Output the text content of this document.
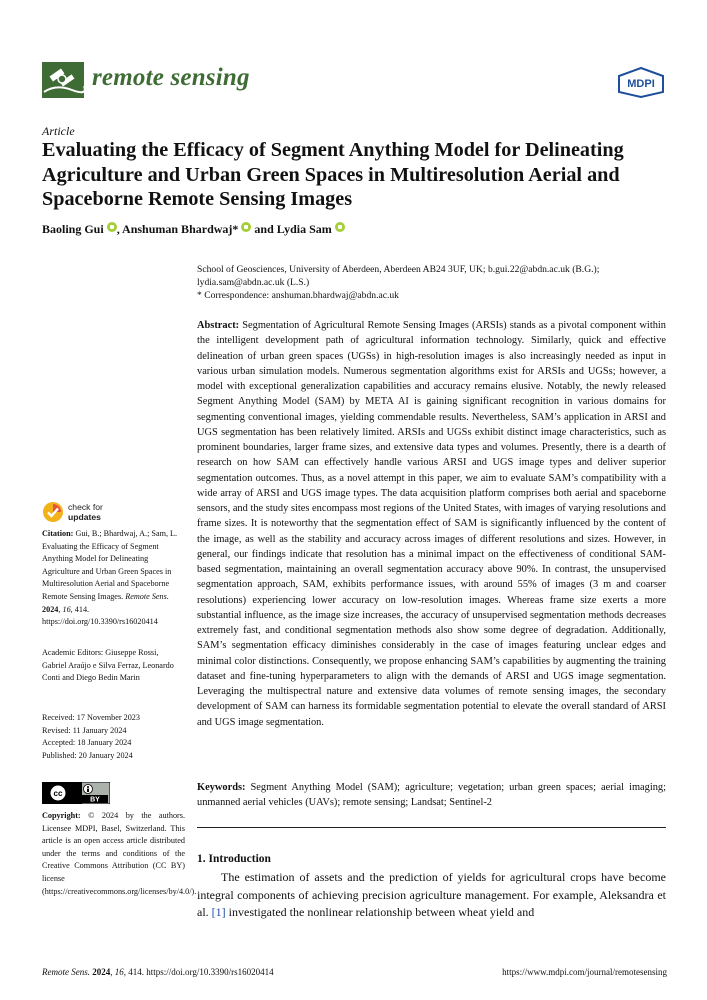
remote sensing	MDPI
Article
Evaluating the Efficacy of Segment Anything Model for Delineating Agriculture and Urban Green Spaces in Multiresolution Aerial and Spaceborne Remote Sensing Images
Baoling Gui , Anshuman Bhardwaj* and Lydia Sam
School of Geosciences, University of Aberdeen, Aberdeen AB24 3UF, UK; b.gui.22@abdn.ac.uk (B.G.);
lydia.sam@abdn.ac.uk (L.S.)
* Correspondence: anshuman.bhardwaj@abdn.ac.uk
Abstract: Segmentation of Agricultural Remote Sensing Images (ARSIs) stands as a pivotal component within the intelligent development path of agricultural information technology. Similarly, quick and effective delineation of urban green spaces (UGSs) in high-resolution images is also increasingly needed as input in various urban simulation models. Numerous segmentation algorithms exist for ARSIs and UGSs; however, a model with exceptional generalization capabilities and accuracy remains elusive. Notably, the newly released Segment Anything Model (SAM) by META AI is gaining significant recognition in various domains for segmenting conventional images, yielding commendable results. Nevertheless, SAM’s application in ARSI and UGS segmentation has been relatively limited. ARSIs and UGSs exhibit distinct image characteristics, such as prominent boundaries, larger frame sizes, and extensive data types and volumes. Presently, there is a dearth of research on how SAM can effectively handle various ARSI and UGS image types and deliver superior segmentation outcomes. Thus, as a novel attempt in this paper, we aim to evaluate SAM’s compatibility with a wide array of ARSI and UGS image types. The data acquisition platform comprises both aerial and spaceborne sensors, and the study sites encompass most regions of the United States, with images of varying resolutions and frame sizes. It is noteworthy that the segmentation effect of SAM is significantly influenced by the content of the image, as well as the stability and accuracy across images of different resolutions and sizes. However, in general, our findings indicate that resolution has a minimal impact on the effectiveness of conditional SAM-based segmentation, maintaining an overall segmentation accuracy above 90%. In contrast, the unsupervised segmentation approach, SAM, exhibits performance issues, with around 55% of images (3 m and coarser resolutions) experiencing lower accuracy on low-resolution images. Whereas frame size exerts a more substantial influence, as the image size increases, the accuracy of unsupervised segmentation methods decreases extremely fast, and conditional segmentation methods also show some degree of degradation. Additionally, SAM’s segmentation efficacy diminishes considerably in the case of images featuring unclear edges and minimal color distinctions. Consequently, we propose enhancing SAM’s capabilities by augmenting the training dataset and fine-tuning hyperparameters to align with the demands of ARSI and UGS image segmentation. Leveraging the multispectral nature and extensive data volumes of remote sensing images, the secondary development of SAM can harness its formidable segmentation potential to elevate the overall standard of ARSI and UGS image segmentation.
Keywords: Segment Anything Model (SAM); agriculture; vegetation; urban green spaces; aerial imaging; unmanned aerial vehicles (UAVs); remote sensing; Landsat; Sentinel-2
1. Introduction

The estimation of assets and the prediction of yields for agricultural crops have become integral components of achieving precision agriculture management. For example, Aleksandra et al. [1] investigated the nonlinear relationship between wheat yield and

check for
updates
Citation: Gui, B.; Bhardwaj, A.; Sam, L. Evaluating the Efficacy of Segment Anything Model for Delineating Agriculture and Urban Green Spaces in Multiresolution Aerial and Spaceborne Remote Sensing Images. Remote Sens. 2024, 16, 414. https://doi.org/10.3390/rs16020414
Academic Editors: Giuseppe Rossi, Gabriel Araújo e Silva Ferraz, Leonardo Conti and Diego Bedin Marin
Received: 17 November 2023
Revised: 11 January 2024
Accepted: 18 January 2024
Published: 20 January 2024
cc
BY
Copyright: © 2024 by the authors. Licensee MDPI, Basel, Switzerland. This article is an open access article distributed under the terms and conditions of the Creative Commons Attribution (CC BY) license (https://creativecommons.org/licenses/by/4.0/).
Remote Sens. 2024, 16, 414. https://doi.org/10.3390/rs16020414	https://www.mdpi.com/journal/remotesensing
